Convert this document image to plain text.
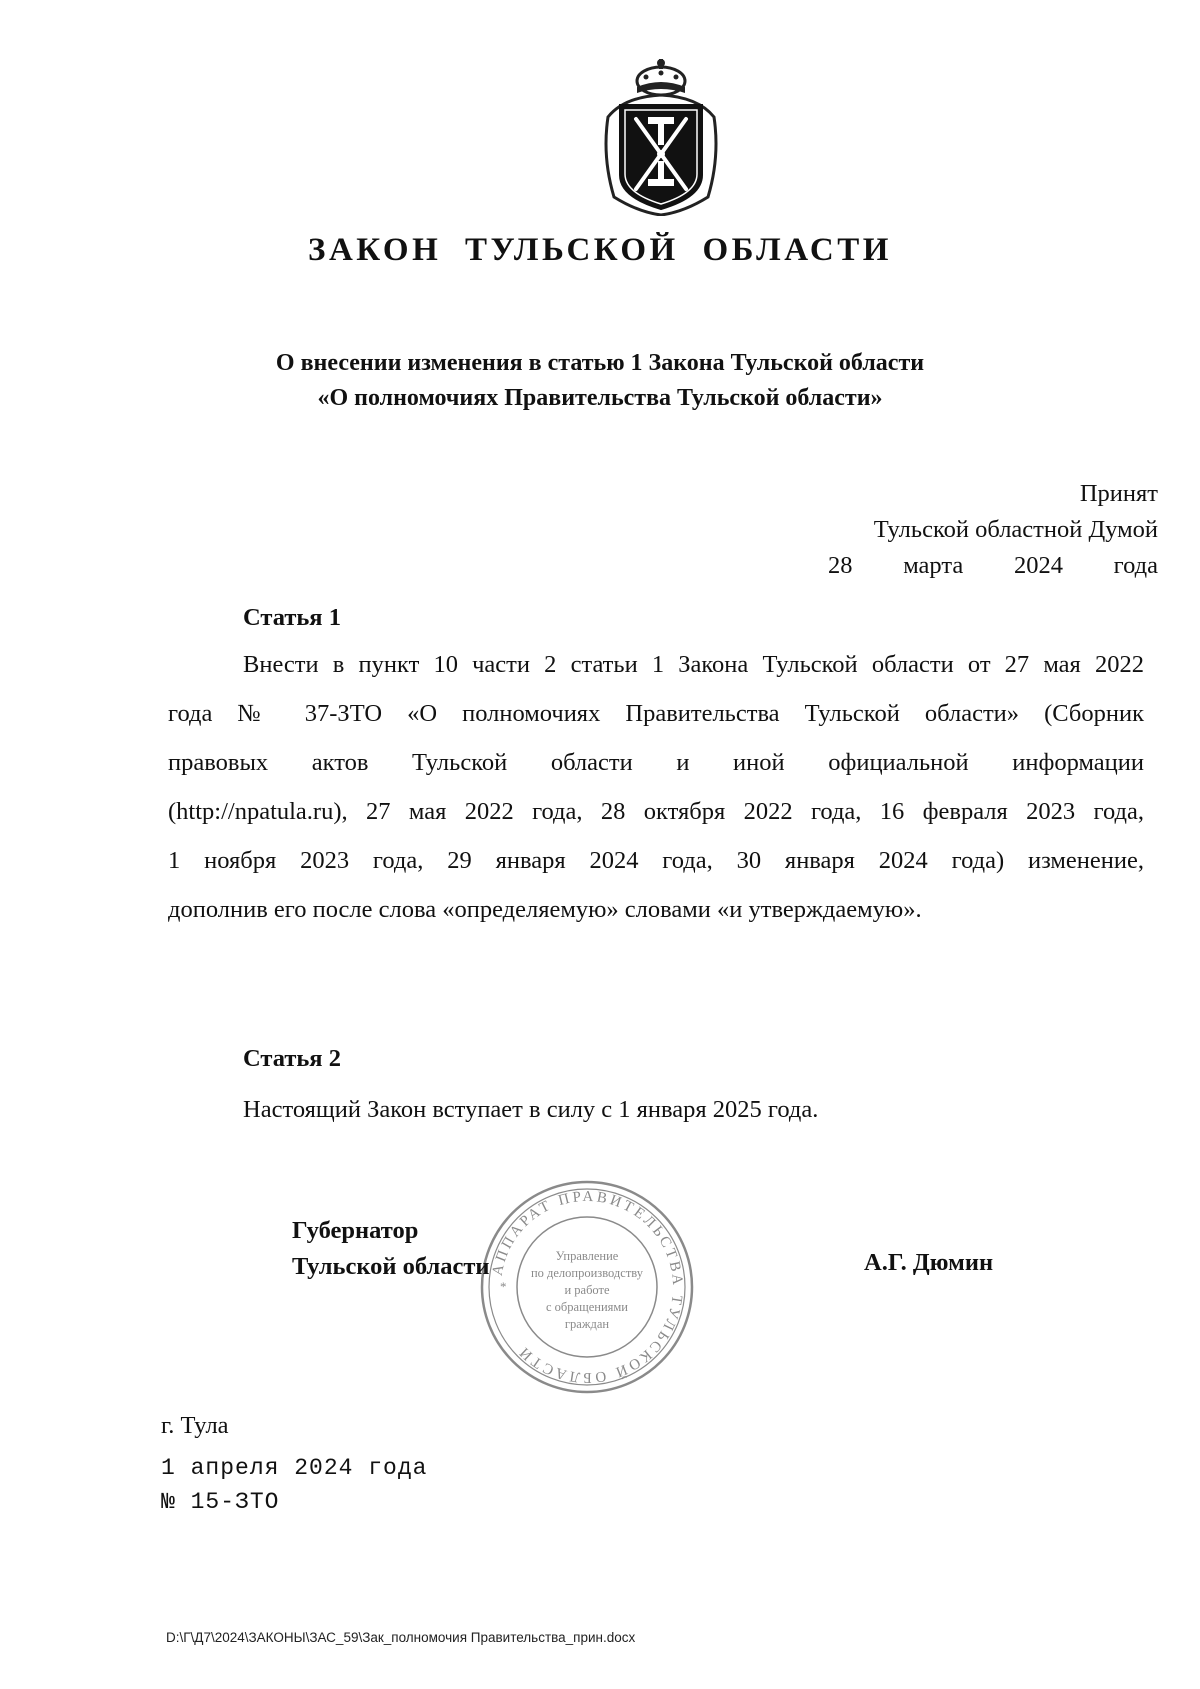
ЗАКОН ТУЛЬСКОЙ ОБЛАСТИ
О внесении изменения в статью 1 Закона Тульской области
«О полномочиях Правительства Тульской области»
Принят
Тульской областной Думой
28 марта 2024 года
Статья 1
Внести в пункт 10 части 2 статьи 1 Закона Тульской области от 27 мая 2022
года № 37-ЗТО «О полномочиях Правительства Тульской области» (Сборник
правовых актов Тульской области и иной официальной информации
(http://npatula.ru), 27 мая 2022 года, 28 октября 2022 года, 16 февраля 2023 года,
1 ноября 2023 года, 29 января 2024 года, 30 января 2024 года) изменение,
дополнив его после слова «определяемую» словами «и утверждаемую».
Статья 2
Настоящий Закон вступает в силу с 1 января 2025 года.
АППАРАТ ПРАВИТЕЛЬСТВА ТУЛЬСКОЙ ОБЛАСТИ
*
Управление
по делопроизводству
и работе
с обращениями
граждан
Губернатор
Тульской области	А.Г. Дюмин
г. Тула
1 апреля 2024 года
№ 15-ЗТО
D:\Г\Д7\2024\ЗАКОНЫ\ЗАС_59\Зак_полномочия Правительства_прин.docx
